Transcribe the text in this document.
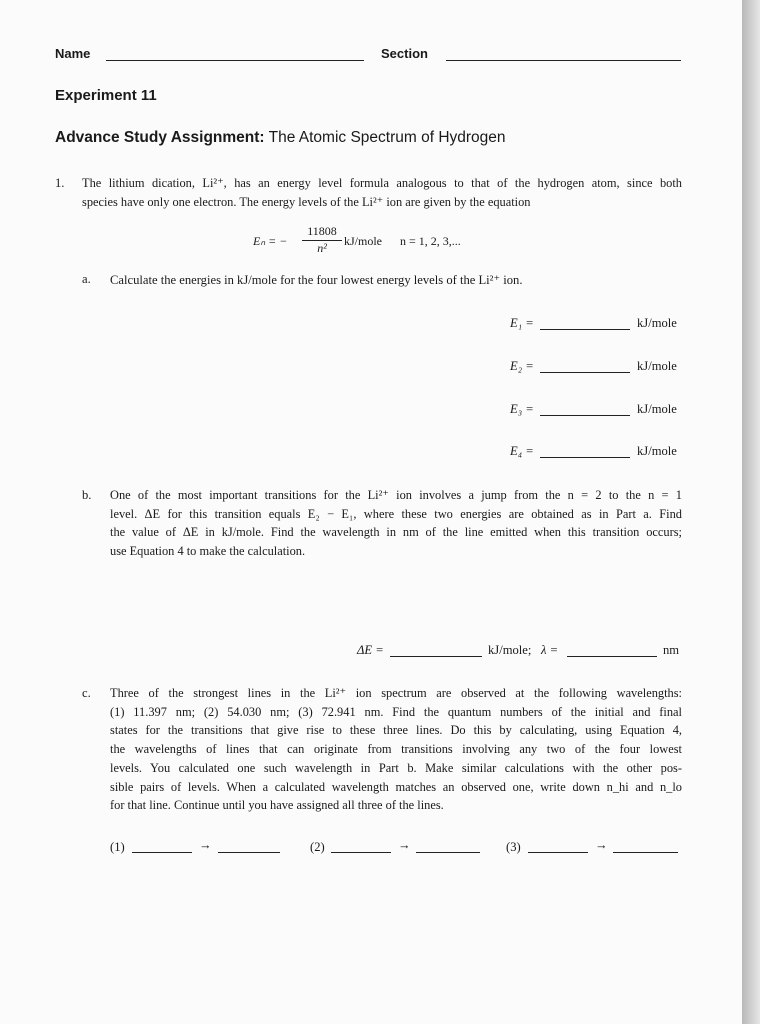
Name	Section
Experiment 11
Advance Study Assignment: The Atomic Spectrum of Hydrogen
1. The lithium dication, Li²⁺, has an energy level formula analogous to that of the hydrogen atom, since both
species have only one electron. The energy levels of the Li²⁺ ion are given by the equation
Eₙ = − $\frac{11808}{\text{n²}}$ kJ/mole n = 1, 2, 3,...
a. Calculate the energies in kJ/mole for the four lowest energy levels of the Li²⁺ ion.
E₁ =	kJ/mole
E₂ =	kJ/mole
E₃ =	kJ/mole
E₄ =	kJ/mole
b. One of the most important transitions for the Li²⁺ ion involves a jump from the n = 2 to the n = 1
level. ΔE for this transition equals E₂ − E₁, where these two energies are obtained as in Part a. Find
the value of ΔE in kJ/mole. Find the wavelength in nm of the line emitted when this transition occurs;
use Equation 4 to make the calculation.
ΔE =	kJ/mole; λ =	nm
c. Three of the strongest lines in the Li²⁺ ion spectrum are observed at the following wavelengths:
(1) 11.397 nm; (2) 54.030 nm; (3) 72.941 nm. Find the quantum numbers of the initial and final
states for the transitions that give rise to these three lines. Do this by calculating, using Equation 4,
the wavelengths of lines that can originate from transitions involving any two of the four lowest
levels. You calculated one such wavelength in Part b. Make similar calculations with the other pos-
sible pairs of levels. When a calculated wavelength matches an observed one, write down n_hi and n_lo
for that line. Continue until you have assigned all three of the lines.
(1)	→	(2)	→	(3)	→
